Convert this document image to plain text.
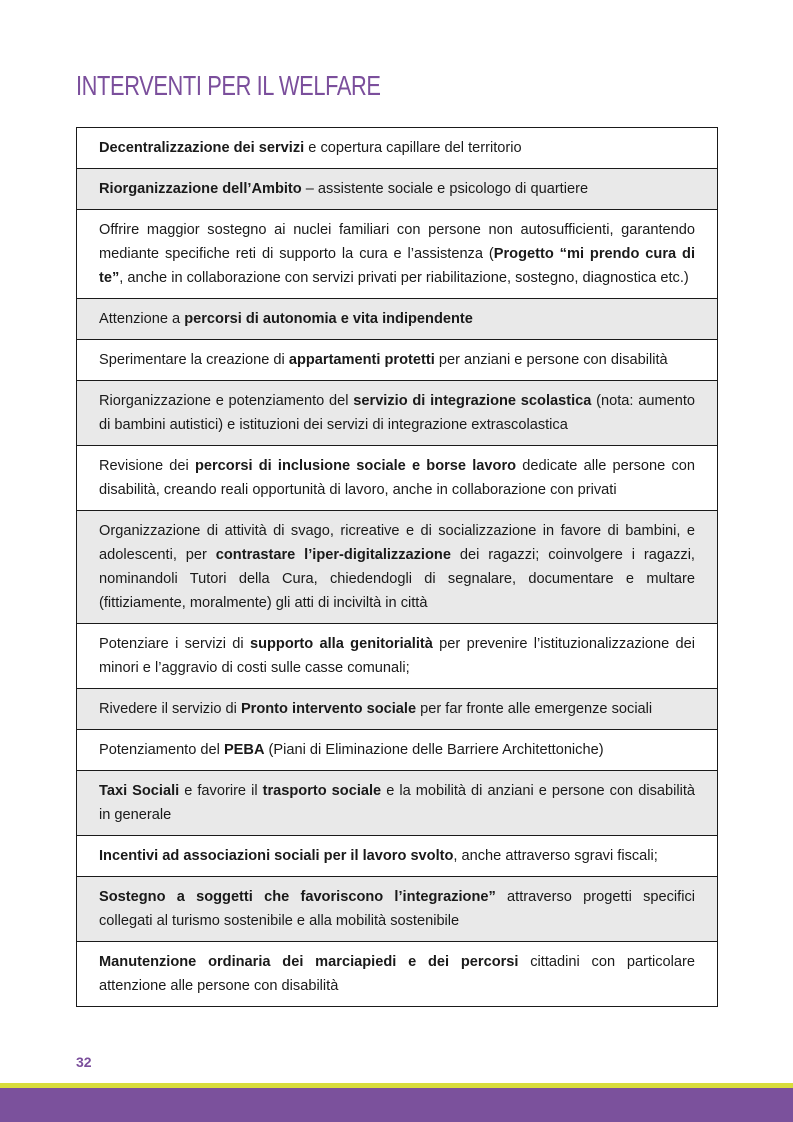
INTERVENTI PER IL WELFARE
Decentralizzazione dei servizi e copertura capillare del territorio
Riorganizzazione dell’Ambito – assistente sociale e psicologo di quartiere
Offrire maggior sostegno ai nuclei familiari con persone non autosufficienti, garantendo mediante specifiche reti di supporto la cura e l’assistenza (Progetto “mi prendo cura di te”, anche in collaborazione con servizi privati per riabilitazione, sostegno, diagnostica etc.)
Attenzione a percorsi di autonomia e vita indipendente
Sperimentare la creazione di appartamenti protetti per anziani e persone con disabilità
Riorganizzazione e potenziamento del servizio di integrazione scolastica (nota: aumento di bambini autistici) e istituzioni dei servizi di integrazione extrascolastica
Revisione dei percorsi di inclusione sociale e borse lavoro dedicate alle persone con disabilità, creando reali opportunità di lavoro, anche in collaborazione con privati
Organizzazione di attività di svago, ricreative e di socializzazione in favore di bambini, e adolescenti, per contrastare l’iper-digitalizzazione dei ragazzi; coinvolgere i ragazzi, nominandoli Tutori della Cura, chiedendogli di segnalare, documentare e multare (fittiziamente, moralmente) gli atti di inciviltà in città
Potenziare i servizi di supporto alla genitorialità per prevenire l’istituzionalizzazione dei minori e l’aggravio di costi sulle casse comunali;
Rivedere il servizio di Pronto intervento sociale per far fronte alle emergenze sociali
Potenziamento del PEBA (Piani di Eliminazione delle Barriere Architettoniche)
Taxi Sociali e favorire il trasporto sociale e la mobilità di anziani e persone con disabilità in generale
Incentivi ad associazioni sociali per il lavoro svolto, anche attraverso sgravi fiscali;
Sostegno a soggetti che favoriscono l’integrazione” attraverso progetti specifici collegati al turismo sostenibile e alla mobilità sostenibile
Manutenzione ordinaria dei marciapiedi e dei percorsi cittadini con particolare attenzione alle persone con disabilità
32
